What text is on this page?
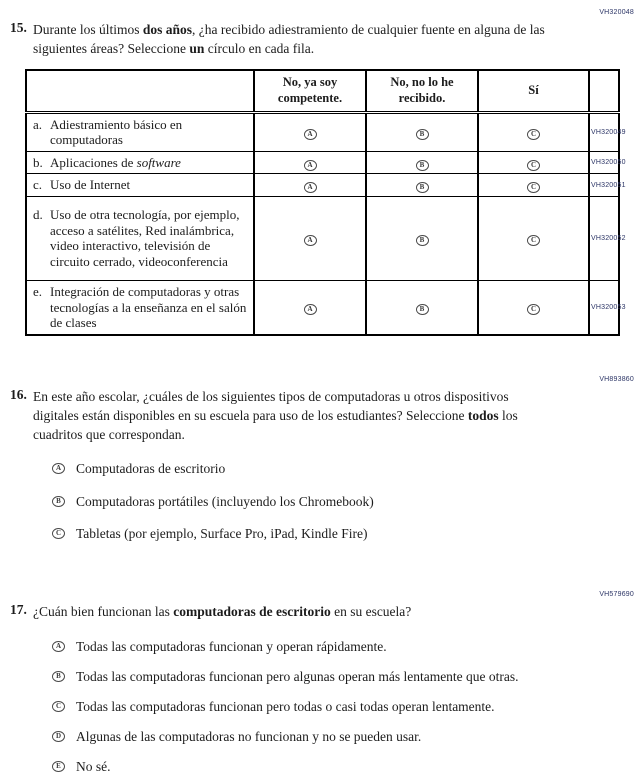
VH320048
15. Durante los últimos dos años, ¿ha recibido adiestramiento de cualquier fuente en alguna de las siguientes áreas? Seleccione un círculo en cada fila.
	No, ya soy competente.	No, no lo he recibido.	Sí	

a. Adiestramiento básico en computadoras	A	B	C	VH320049

b. Aplicaciones de software	A	B	C	VH320050

c. Uso de Internet	A	B	C	VH320051

d. Uso de otra tecnología, por ejemplo, acceso a satélites, Red inalámbrica, video interactivo, televisión de circuito cerrado, videoconferencia	A	B	C	VH320052

e. Integración de computadoras y otras tecnologías a la enseñanza en el salón de clases	A	B	C	VH320053
VH893860
16. En este año escolar, ¿cuáles de los siguientes tipos de computadoras u otros dispositivos digitales están disponibles en su escuela para uso de los estudiantes? Seleccione todos los cuadritos que correspondan.
A	Computadoras de escritorio
B	Computadoras portátiles (incluyendo los Chromebook)
C	Tabletas (por ejemplo, Surface Pro, iPad, Kindle Fire)
VH579690
17. ¿Cuán bien funcionan las computadoras de escritorio en su escuela?
A	Todas las computadoras funcionan y operan rápidamente.
B	Todas las computadoras funcionan pero algunas operan más lentamente que otras.
C	Todas las computadoras funcionan pero todas o casi todas operan lentamente.
D	Algunas de las computadoras no funcionan y no se pueden usar.
E	No sé.
